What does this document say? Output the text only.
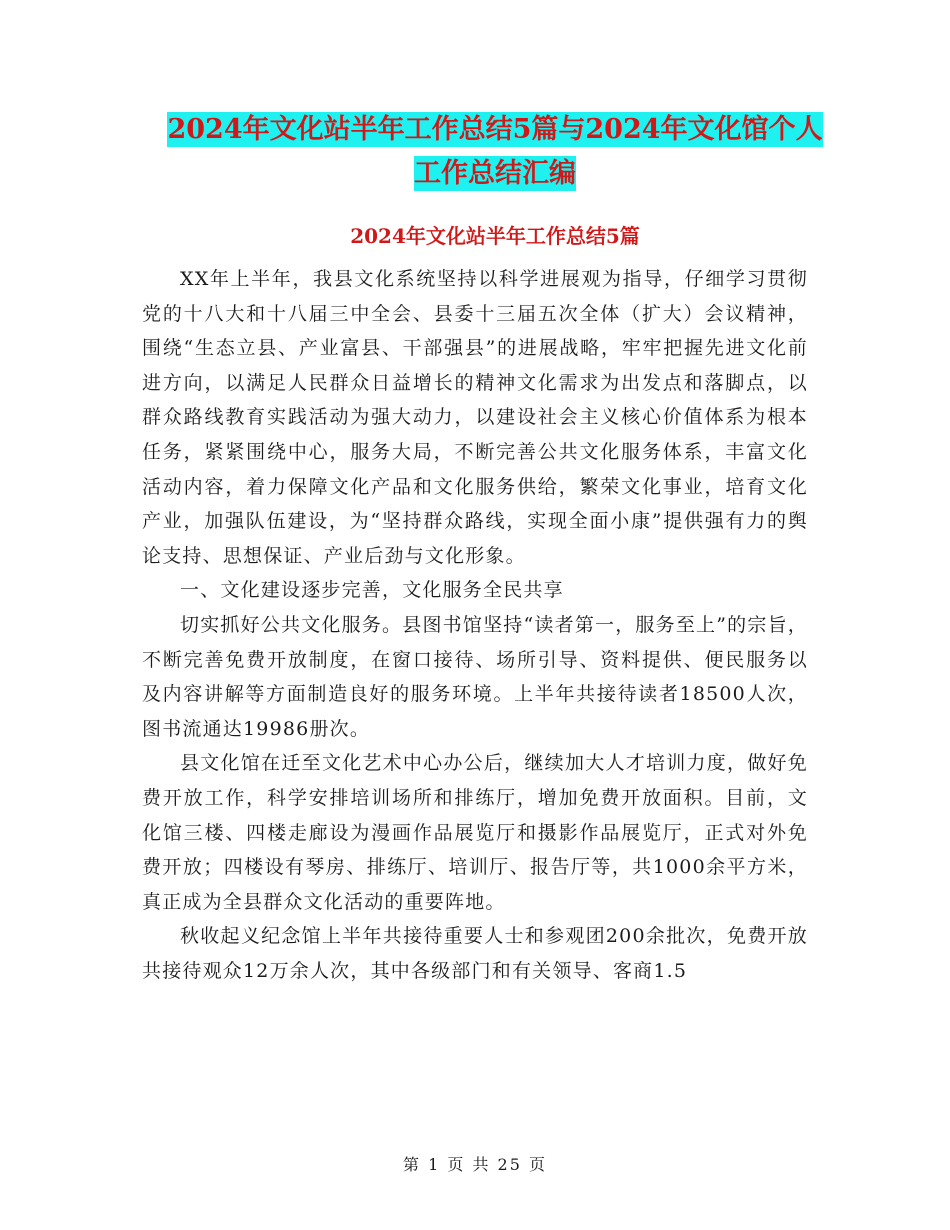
2024年文化站半年工作总结5篇与2024年文化馆个人
工作总结汇编
2024年文化站半年工作总结5篇

XX年上半年，我县文化系统坚持以科学进展观为指导，仔细学习贯彻党的十八大和十八届三中全会、县委十三届五次全体（扩大）会议精神，围绕“生态立县、产业富县、干部强县”的进展战略，牢牢把握先进文化前进方向，以满足人民群众日益增长的精神文化需求为出发点和落脚点，以群众路线教育实践活动为强大动力，以建设社会主义核心价值体系为根本任务，紧紧围绕中心，服务大局，不断完善公共文化服务体系，丰富文化活动内容，着力保障文化产品和文化服务供给，繁荣文化事业，培育文化产业，加强队伍建设，为“坚持群众路线，实现全面小康”提供强有力的舆论支持、思想保证、产业后劲与文化形象。

一、文化建设逐步完善，文化服务全民共享

切实抓好公共文化服务。县图书馆坚持“读者第一，服务至上”的宗旨，不断完善免费开放制度，在窗口接待、场所引导、资料提供、便民服务以及内容讲解等方面制造良好的服务环境。上半年共接待读者18500人次，图书流通达19986册次。

县文化馆在迁至文化艺术中心办公后，继续加大人才培训力度，做好免费开放工作，科学安排培训场所和排练厅，增加免费开放面积。目前，文化馆三楼、四楼走廊设为漫画作品展览厅和摄影作品展览厅，正式对外免费开放；四楼设有琴房、排练厅、培训厅、报告厅等，共1000余平方米，真正成为全县群众文化活动的重要阵地。

秋收起义纪念馆上半年共接待重要人士和参观团200余批次，免费开放共接待观众12万余人次，其中各级部门和有关领导、客商1.5

第 1 页 共 25 页
